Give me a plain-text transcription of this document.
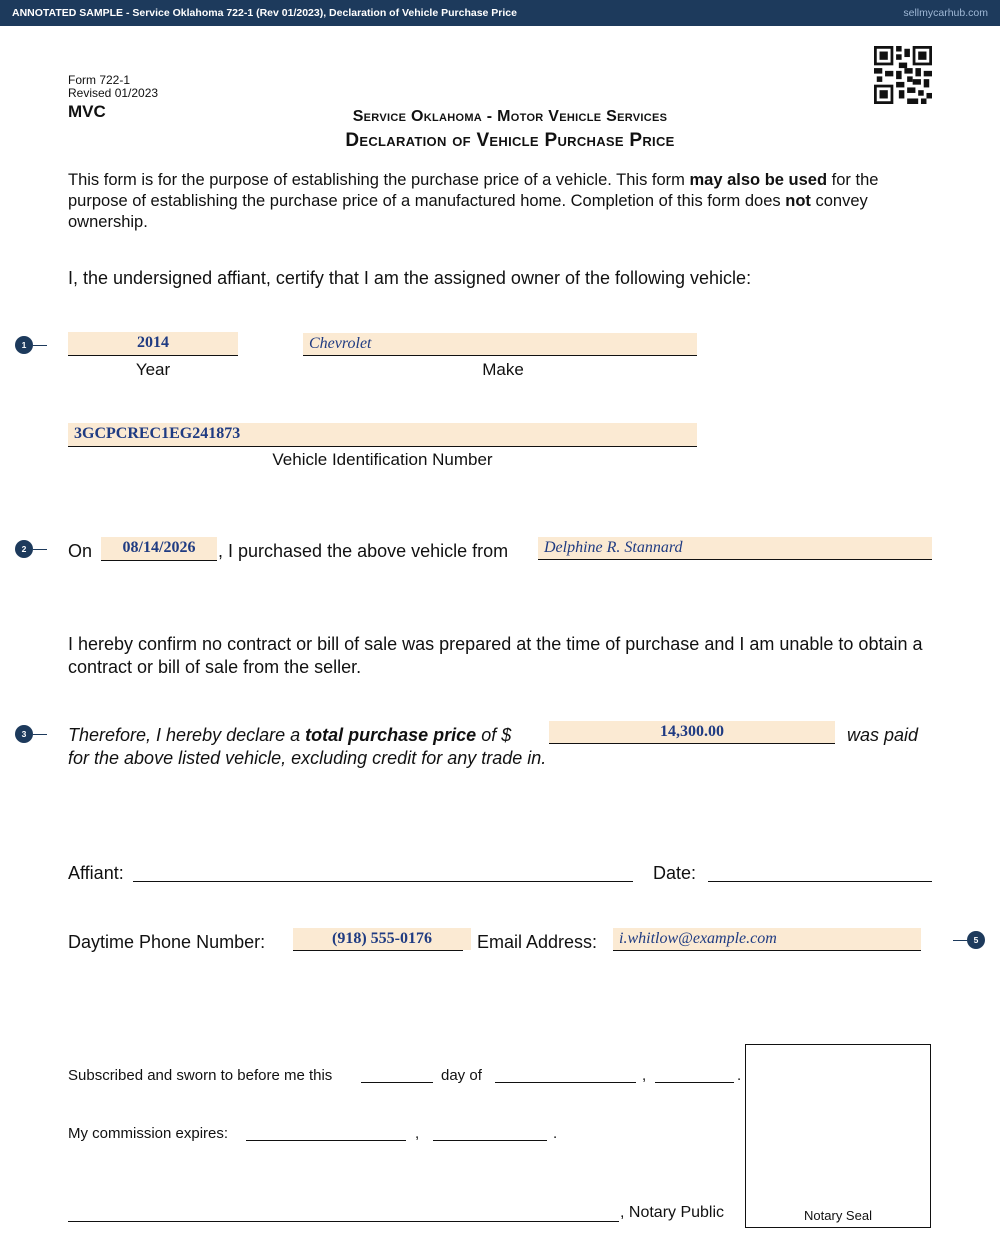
ANNOTATED SAMPLE - Service Oklahoma 722-1 (Rev 01/2023), Declaration of Vehicle Purchase Price	sellmycarhub.com
Form 722-1
Revised 01/2023
MVC	Service Oklahoma - Motor Vehicle Services
Declaration of Vehicle Purchase Price
This form is for the purpose of establishing the purchase price of a vehicle. This form may also be used for the purpose of establishing the purchase price of a manufactured home. Completion of this form does not convey ownership.
I, the undersigned affiant, certify that I am the assigned owner of the following vehicle:
1	2014
Year
Chevrolet
Make
3GCPCREC1EG241873
Vehicle Identification Number
2	On	08/14/2026	, I purchased the above vehicle from	Delphine R. Stannard
I hereby confirm no contract or bill of sale was prepared at the time of purchase and I am unable to obtain a contract or bill of sale from the seller.
3	Therefore, I hereby declare a total purchase price of $	14,300.00	was paid
for the above listed vehicle, excluding credit for any trade in.
Affiant:	Date:
Daytime Phone Number:	(918) 555-0176	Email Address:	i.whitlow@example.com	5
Subscribed and sworn to before me this	day of	,	.
My commission expires:	,	.
, Notary Public	Notary Seal
